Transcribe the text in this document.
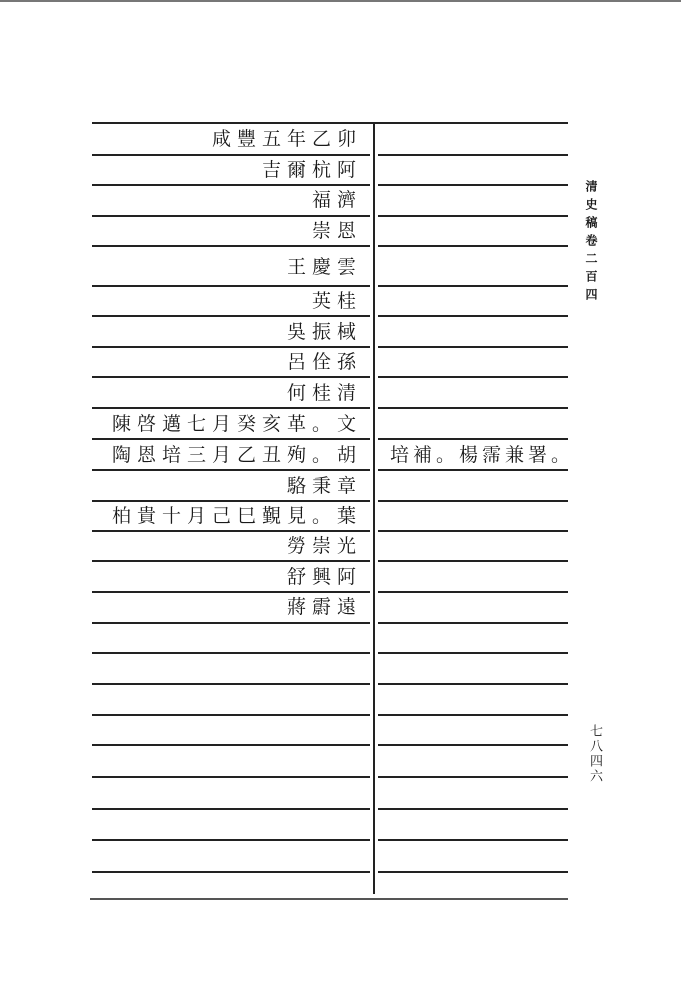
咸豐五年乙卯
吉爾杭阿
福濟
崇恩
王慶雲
英桂
吳振棫
呂佺孫
何桂清
陳啓邁七月癸亥革。文
陶恩培三月乙丑殉。胡
駱秉章
柏貴十月己巳覲見。葉
勞崇光
舒興阿
蔣霨遠
培補。楊霈兼署。
清史稿卷二百四
七八四六
